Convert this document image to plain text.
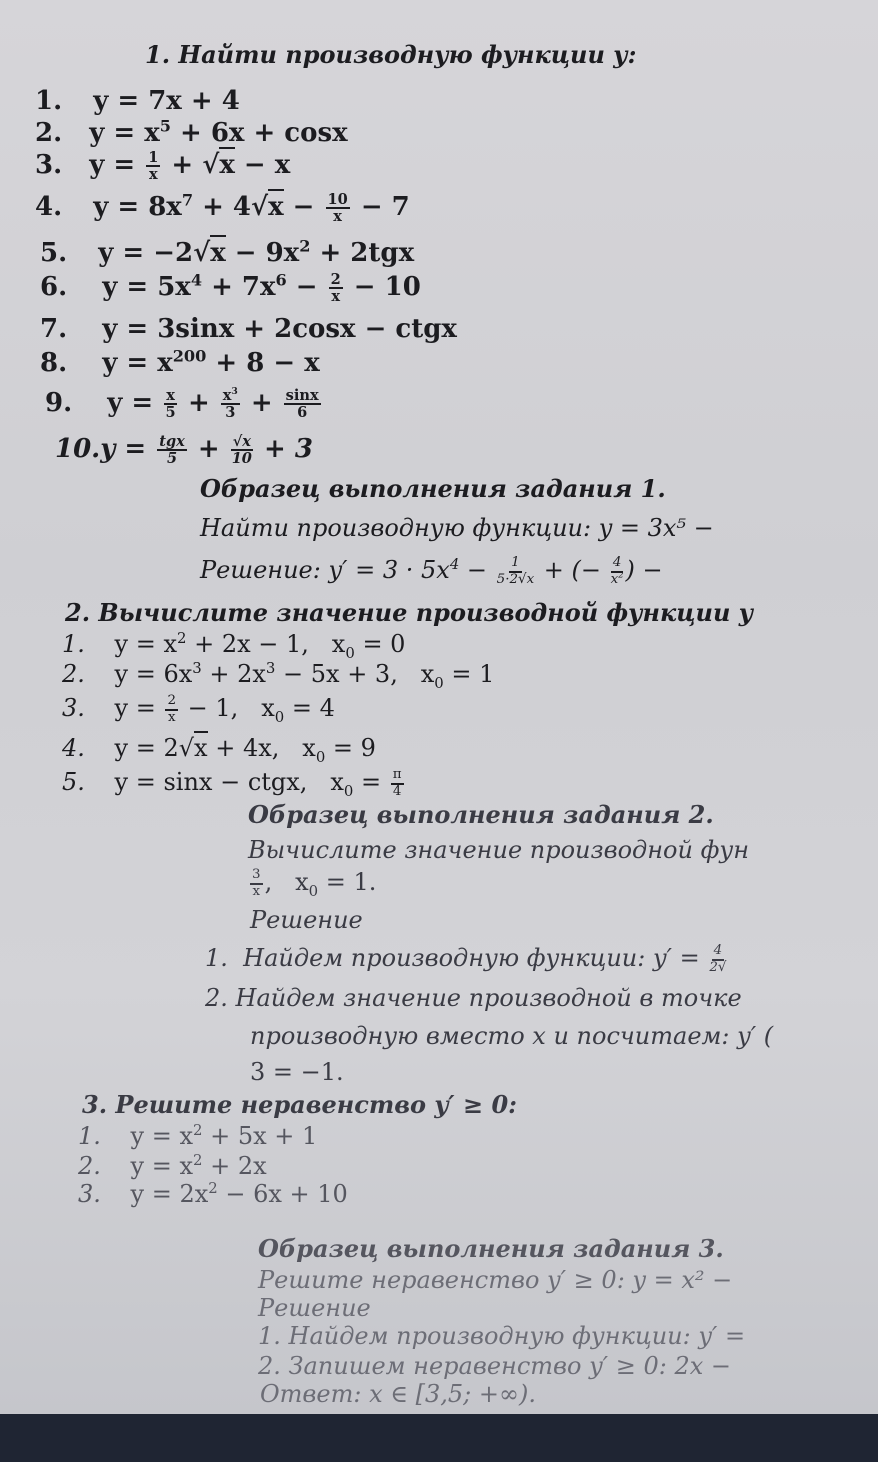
1. Найти производную функции у:
1. y = 7x + 4
2. $y = x^5 + 6x + \cos x$
3. $y = \frac{1}{x} + √x - x$
4. $y = 8x^7 + 4√x - \frac{10}{x} - 7$
5. $y = -2√x - 9x^2 + 2tgx$
6. $y = 5x^4 + 7x^6 - \frac{2}{x} - 10$
7. y = 3sinx + 2cosx − ctgx
8. $y = x^{200} + 8 - x$
9. $y = \frac{x}{5} + \frac{x^3}{3} + \frac{\sin x}{6}$
10.y = tgx
$5 + \frac{√x}{10} + 3$
Образец выполнения задания 1.
Найти производную функции: y = 3x⁵ −
Решение: $y' = 3 \cdot 5x^4 - \frac{1}{5\cdot 2√x}$ + (− $\frac{4}{x^2}$ ) −
2. Вычислите значение производной функции у
1. $y = x^2 + 2x - 1$,   $x_0 = 0$
2. $y = 6x^3 + 2x^3 - 5x + 3$,   $x_0 = 1$
3. $y = \frac{2}{x} - 1$,   $x_0 = 4$
4. y = 2√x + 4x,   $x_0 = 9$
5. y = sinx − ctgx,   $x_0 = \frac{\pi}{4}$
Образец выполнения задания 2.
Вычислите значение производной фун
$\frac{3}{x}$ ,   $x_0 = 1$.
Решение
1.  Найдем производную функции: $y' = \frac{4}{2√}$
2. Найдем значение производной в точке
производную вместо x и посчитаем: y′ (
3 = −1.
3. Решите неравенство y′ ≥ 0:
1. $y = x^2 + 5x + 1$
2. $y = x^2 + 2x$
3. $y = 2x^2 - 6x + 10$
Образец выполнения задания 3.
Решите неравенство y′ ≥ 0: y = x² −
Решение
1. Найдем производную функции: y′ =
2. Запишем неравенство y′ ≥ 0: 2x −
Ответ: x ∈ [3,5; +∞).
